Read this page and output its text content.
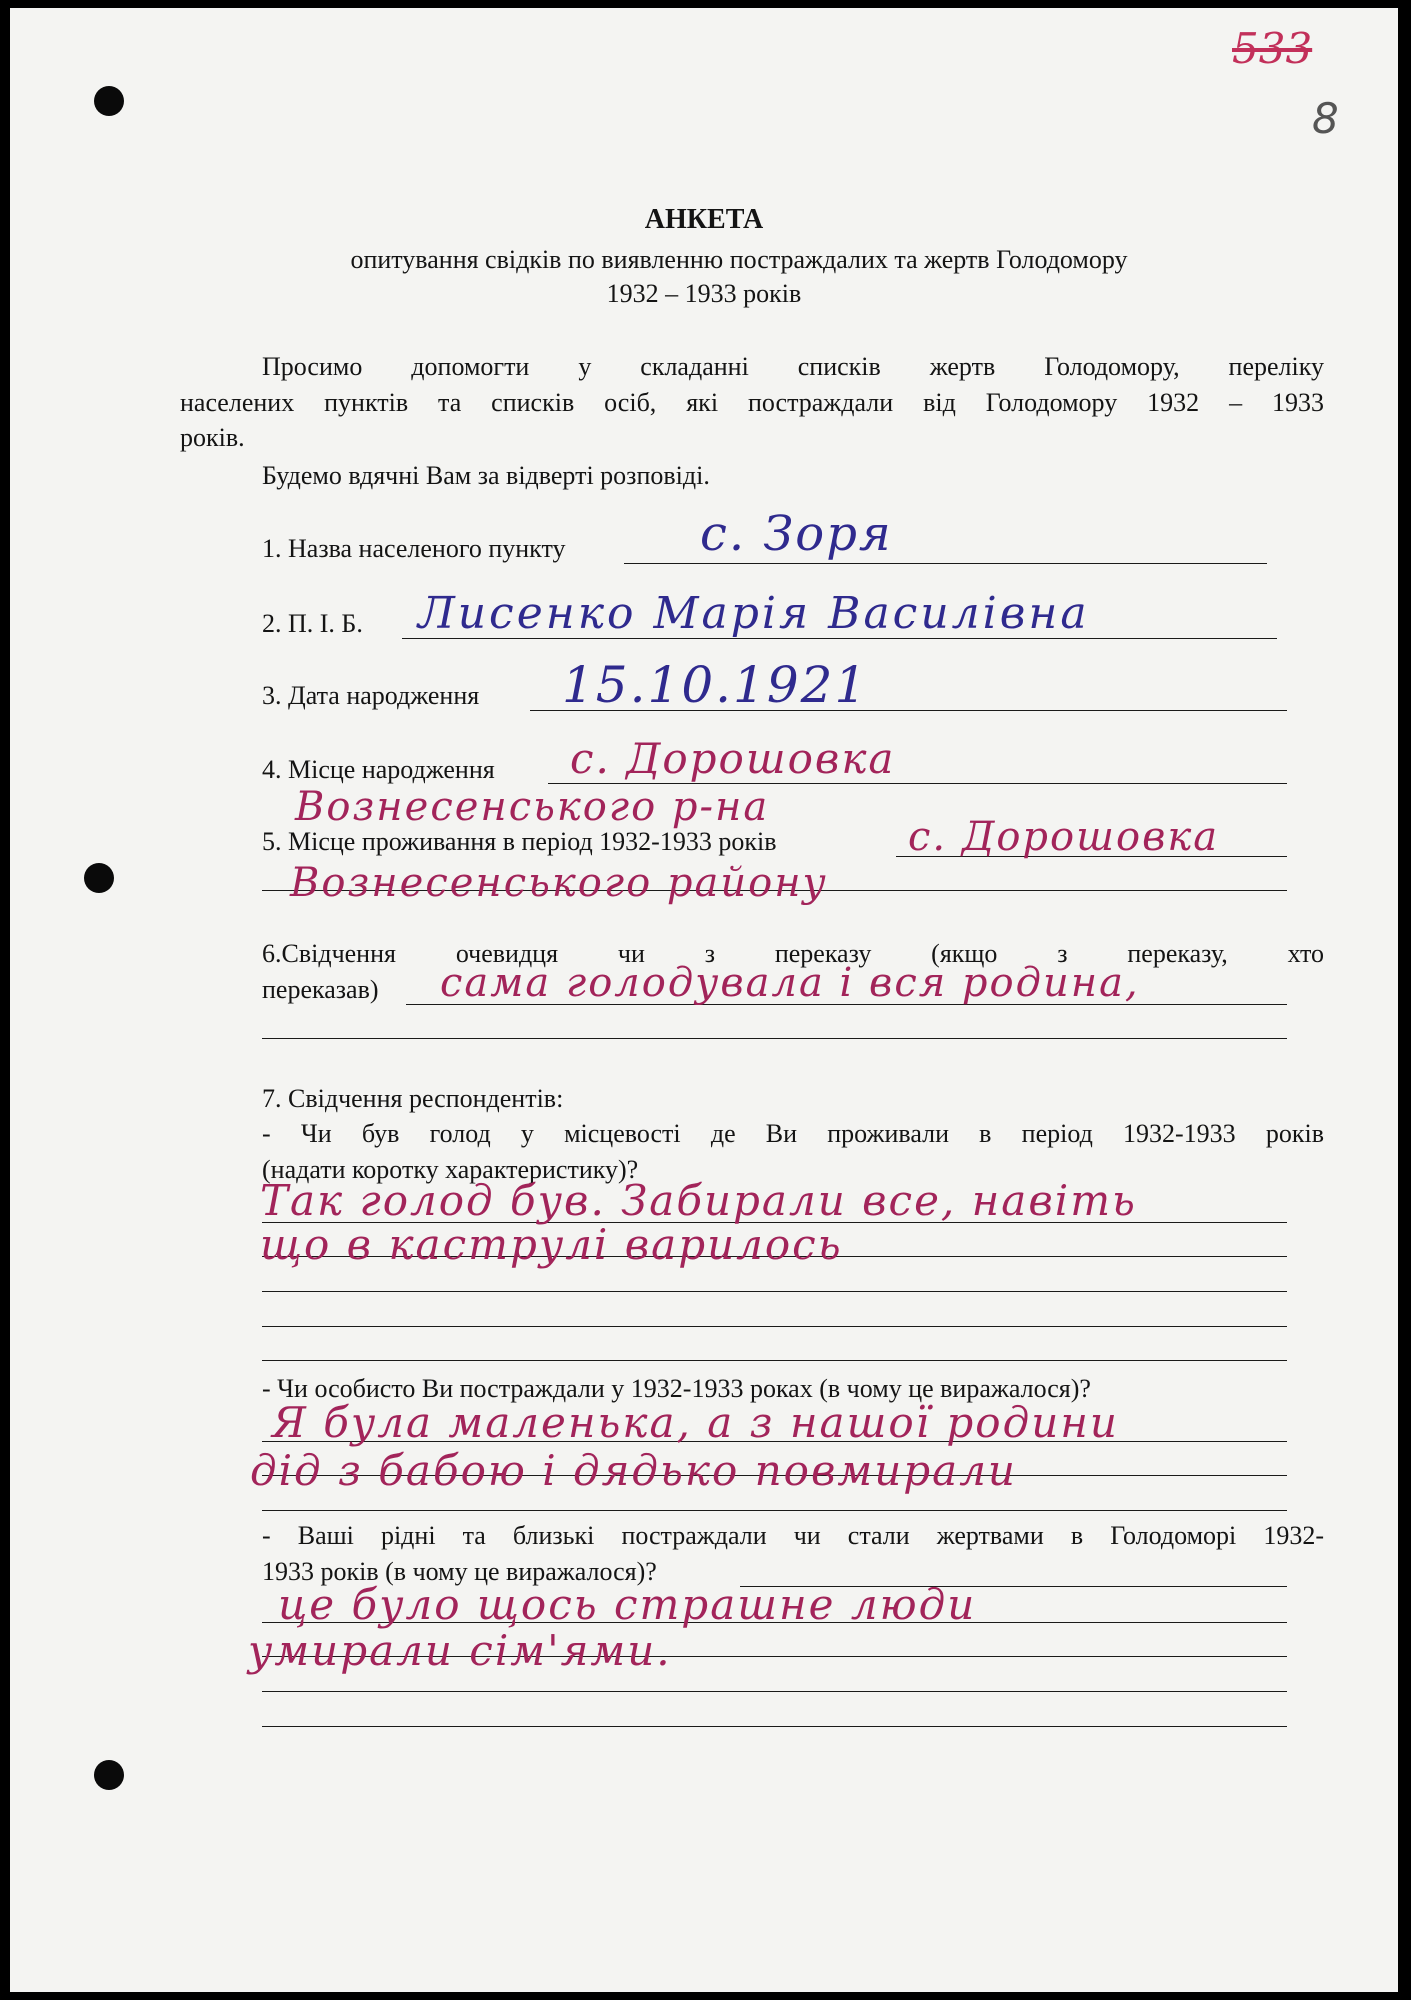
533
8
АНКЕТА
опитування свідків по виявленню постраждалих та жертв Голодомору
1932 – 1933 років
Просимо допомогти у складанні списків жертв Голодомору, переліку
населених пунктів та списків осіб, які постраждали від Голодомору 1932 – 1933
років.
Будемо вдячні Вам за відверті розповіді.
1. Назва населеного пункту	с. Зоря
2. П. І. Б. Лисенко Марія Василівна
3. Дата народження 15.10.1921
4. Місце народження с. Дорошовка
Вознесенського р-на
5. Місце проживання в період 1932-1933 років	с. Дорошовка
Вознесенського району
6.Свідчення очевидця чи з переказу (якщо з переказу, хто
переказав) сама голодувала і вся родина,
7. Свідчення респондентів:
- Чи був голод у місцевості де Ви проживали в період 1932-1933 років
(надати коротку характеристику)?
Так голод був. Забирали все, навіть
що в каструлі варилось
- Чи особисто Ви постраждали у 1932-1933 роках (в чому це виражалося)?
Я була маленька, а з нашої родини
дід з бабою і дядько повмирали
- Ваші рідні та близькі постраждали чи стали жертвами в Голодоморі 1932-
1933 років (в чому це виражалося)?
це було щось страшне люди
умирали сім'ями.
